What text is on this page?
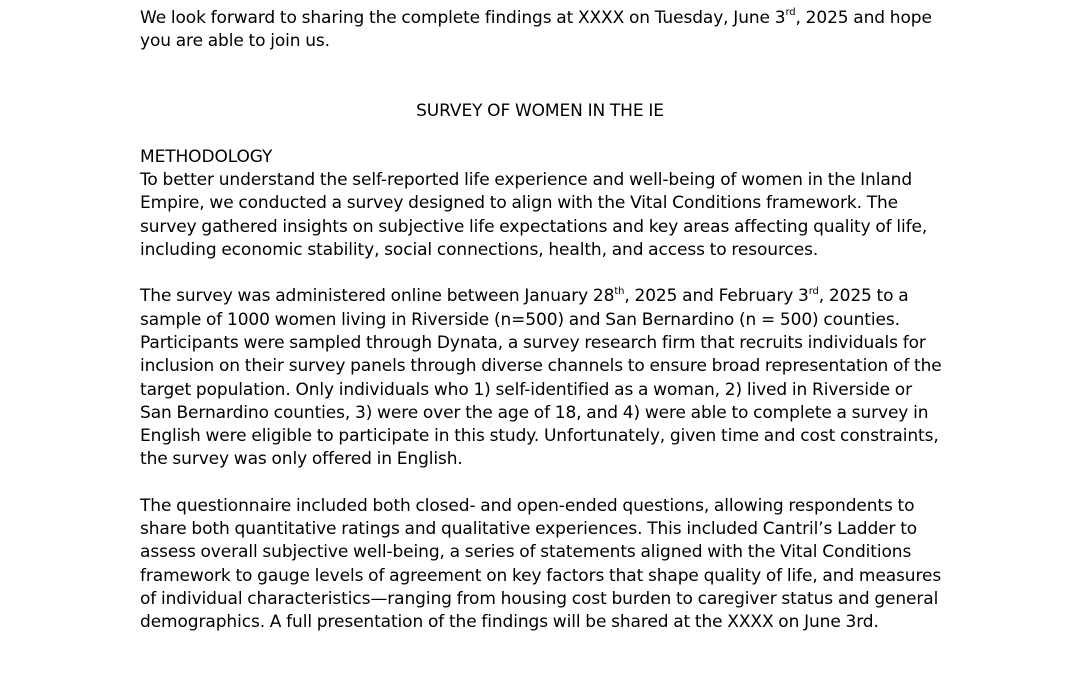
We look forward to sharing the complete findings at XXXX on Tuesday, June 3rd, 2025 and hope you are able to join us.

SURVEY OF WOMEN IN THE IE

METHODOLOGY

To better understand the self-reported life experience and well-being of women in the Inland Empire, we conducted a survey designed to align with the Vital Conditions framework. The survey gathered insights on subjective life expectations and key areas affecting quality of life, including economic stability, social connections, health, and access to resources.

The survey was administered online between January 28th, 2025 and February 3rd, 2025 to a sample of 1000 women living in Riverside (n=500) and San Bernardino (n = 500) counties. Participants were sampled through Dynata, a survey research firm that recruits individuals for inclusion on their survey panels through diverse channels to ensure broad representation of the target population. Only individuals who 1) self-identified as a woman, 2) lived in Riverside or San Bernardino counties, 3) were over the age of 18, and 4) were able to complete a survey in English were eligible to participate in this study. Unfortunately, given time and cost constraints, the survey was only offered in English.

The questionnaire included both closed- and open-ended questions, allowing respondents to share both quantitative ratings and qualitative experiences. This included Cantril’s Ladder to assess overall subjective well-being, a series of statements aligned with the Vital Conditions framework to gauge levels of agreement on key factors that shape quality of life, and measures of individual characteristics—ranging from housing cost burden to caregiver status and general demographics. A full presentation of the findings will be shared at the XXXX on June 3rd.
